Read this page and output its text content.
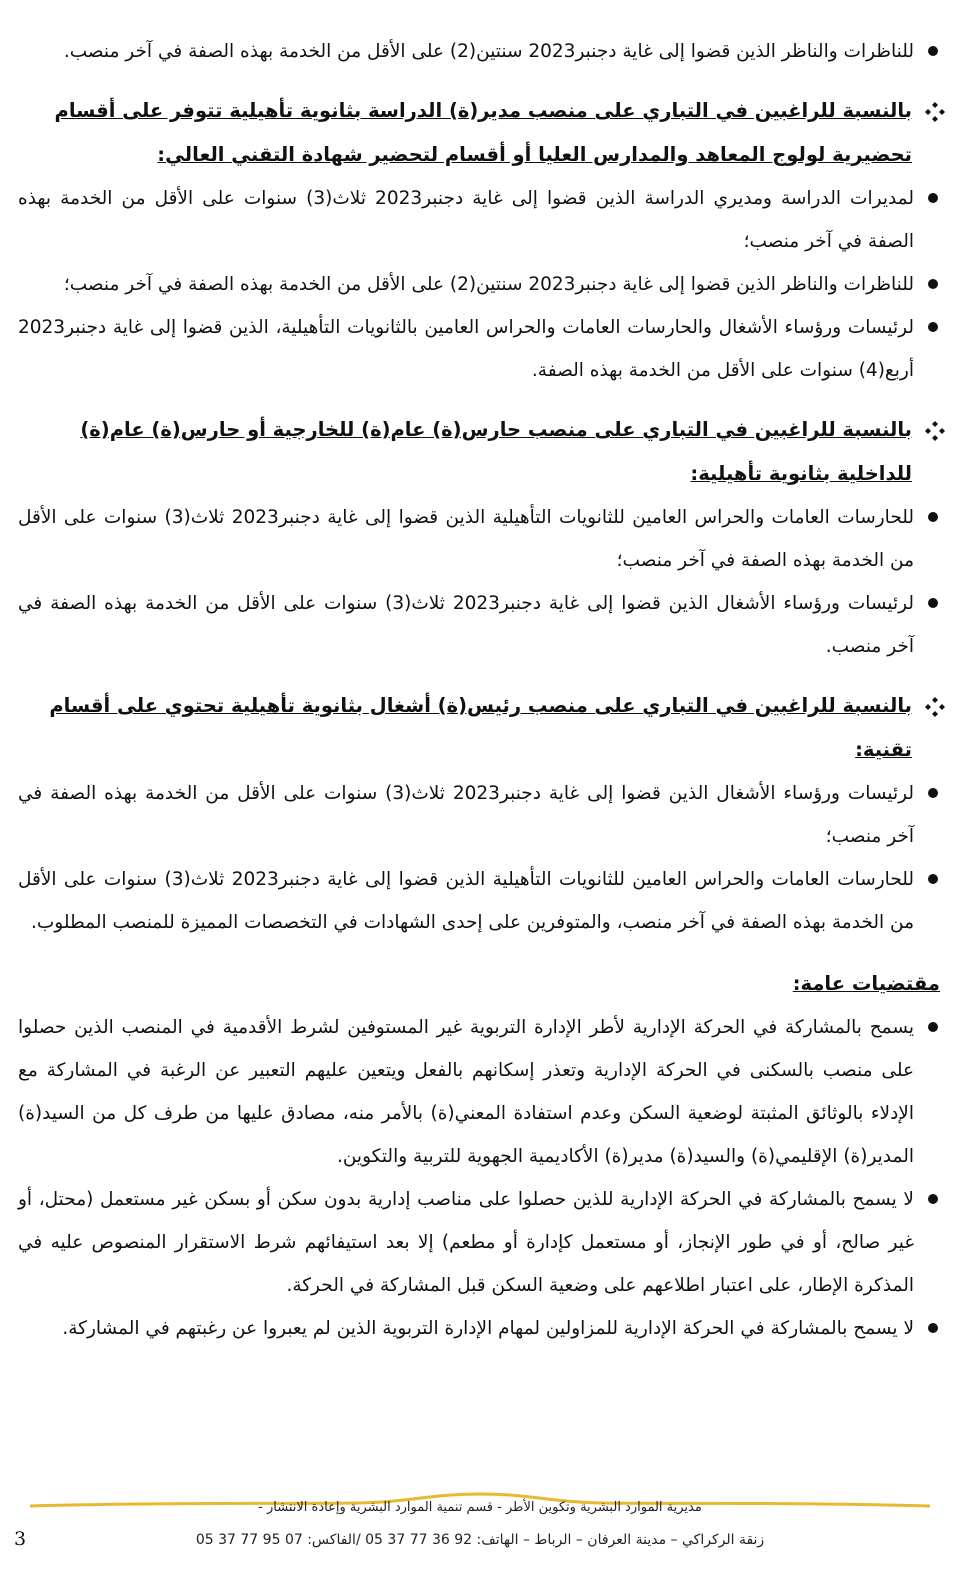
للناظرات والناظر الذين قضوا إلى غاية دجنبر2023 سنتين(2) على الأقل من الخدمة بهذه الصفة في آخر منصب.

بالنسبة للراغبين في التباري على منصب مدير(ة) الدراسة بثانوية تأهيلية تتوفر على أقسام تحضيرية لولوج المعاهد والمدارس العليا أو أقسام لتحضير شهادة التقني العالي:

لمديرات الدراسة ومديري الدراسة الذين قضوا إلى غاية دجنبر2023 ثلاث(3) سنوات على الأقل من الخدمة بهذه الصفة في آخر منصب؛

للناظرات والناظر الذين قضوا إلى غاية دجنبر2023 سنتين(2) على الأقل من الخدمة بهذه الصفة في آخر منصب؛

لرئيسات ورؤساء الأشغال والحارسات العامات والحراس العامين بالثانويات التأهيلية، الذين قضوا إلى غاية دجنبر2023 أربع(4) سنوات على الأقل من الخدمة بهذه الصفة.

بالنسبة للراغبين في التباري على منصب حارس(ة) عام(ة) للخارجية أو حارس(ة) عام(ة) للداخلية بثانوية تأهيلية:

للحارسات العامات والحراس العامين للثانويات التأهيلية الذين قضوا إلى غاية دجنبر2023 ثلاث(3) سنوات على الأقل من الخدمة بهذه الصفة في آخر منصب؛

لرئيسات ورؤساء الأشغال الذين قضوا إلى غاية دجنبر2023 ثلاث(3) سنوات على الأقل من الخدمة بهذه الصفة في آخر منصب.

بالنسبة للراغبين في التباري على منصب رئيس(ة) أشغال بثانوية تأهيلية تحتوي على أقسام تقنية:

لرئيسات ورؤساء الأشغال الذين قضوا إلى غاية دجنبر2023 ثلاث(3) سنوات على الأقل من الخدمة بهذه الصفة في آخر منصب؛

للحارسات العامات والحراس العامين للثانويات التأهيلية الذين قضوا إلى غاية دجنبر2023 ثلاث(3) سنوات على الأقل من الخدمة بهذه الصفة في آخر منصب، والمتوفرين على إحدى الشهادات في التخصصات المميزة للمنصب المطلوب.

مقتضيات عامة:

يسمح بالمشاركة في الحركة الإدارية لأطر الإدارة التربوية غير المستوفين لشرط الأقدمية في المنصب الذين حصلوا على منصب بالسكنى في الحركة الإدارية وتعذر إسكانهم بالفعل ويتعين عليهم التعبير عن الرغبة في المشاركة مع الإدلاء بالوثائق المثبتة لوضعية السكن وعدم استفادة المعني(ة) بالأمر منه، مصادق عليها من طرف كل من السيد(ة) المدير(ة) الإقليمي(ة) والسيد(ة) مدير(ة) الأكاديمية الجهوية للتربية والتكوين.

لا يسمح بالمشاركة في الحركة الإدارية للذين حصلوا على مناصب إدارية بدون سكن أو بسكن غير مستعمل (محتل، أو غير صالح، أو في طور الإنجاز، أو مستعمل كإدارة أو مطعم) إلا بعد استيفائهم شرط الاستقرار المنصوص عليه في المذكرة الإطار، على اعتبار اطلاعهم على وضعية السكن قبل المشاركة في الحركة.

لا يسمح بالمشاركة في الحركة الإدارية للمزاولين لمهام الإدارة التربوية الذين لم يعبروا عن رغبتهم في المشاركة.

مديرية الموارد البشرية وتكوين الأطر - قسم تنمية الموارد البشرية وإعادة الانتشار -
زنقة الركراكي – مدينة العرفان – الرباط – الهاتف: 92 36 77 37 05 /الفاكس: 07 95 77 37 05
3
